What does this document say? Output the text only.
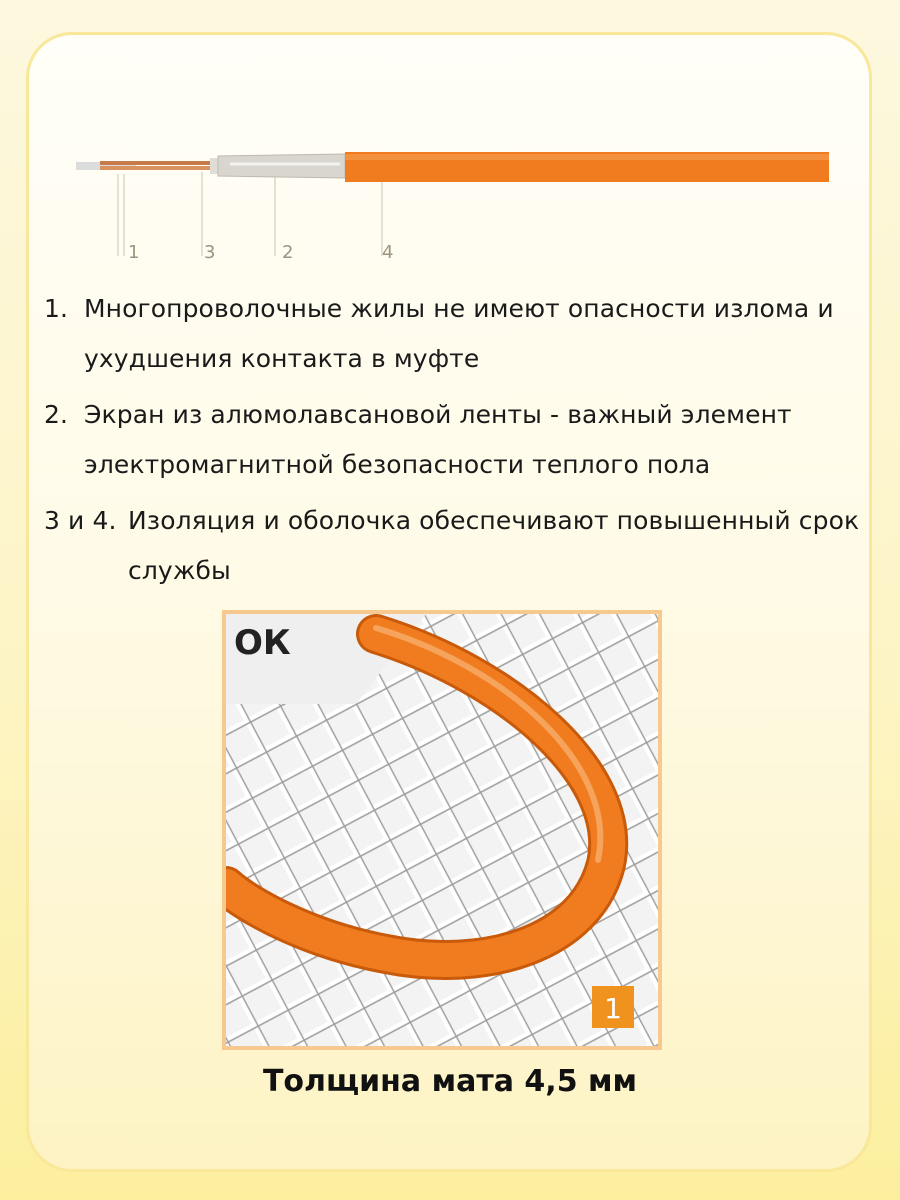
1	3	2	4
1. Многопроволочные жилы не имеют опасности излома и ухудшения контакта в муфте
2. Экран из алюмолавсановой ленты - важный элемент электромагнитной безопасности теплого пола
3 и 4. Изоляция и оболочка обеспечивают повышенный срок службы
ОК
1
Толщина мата 4,5 мм
